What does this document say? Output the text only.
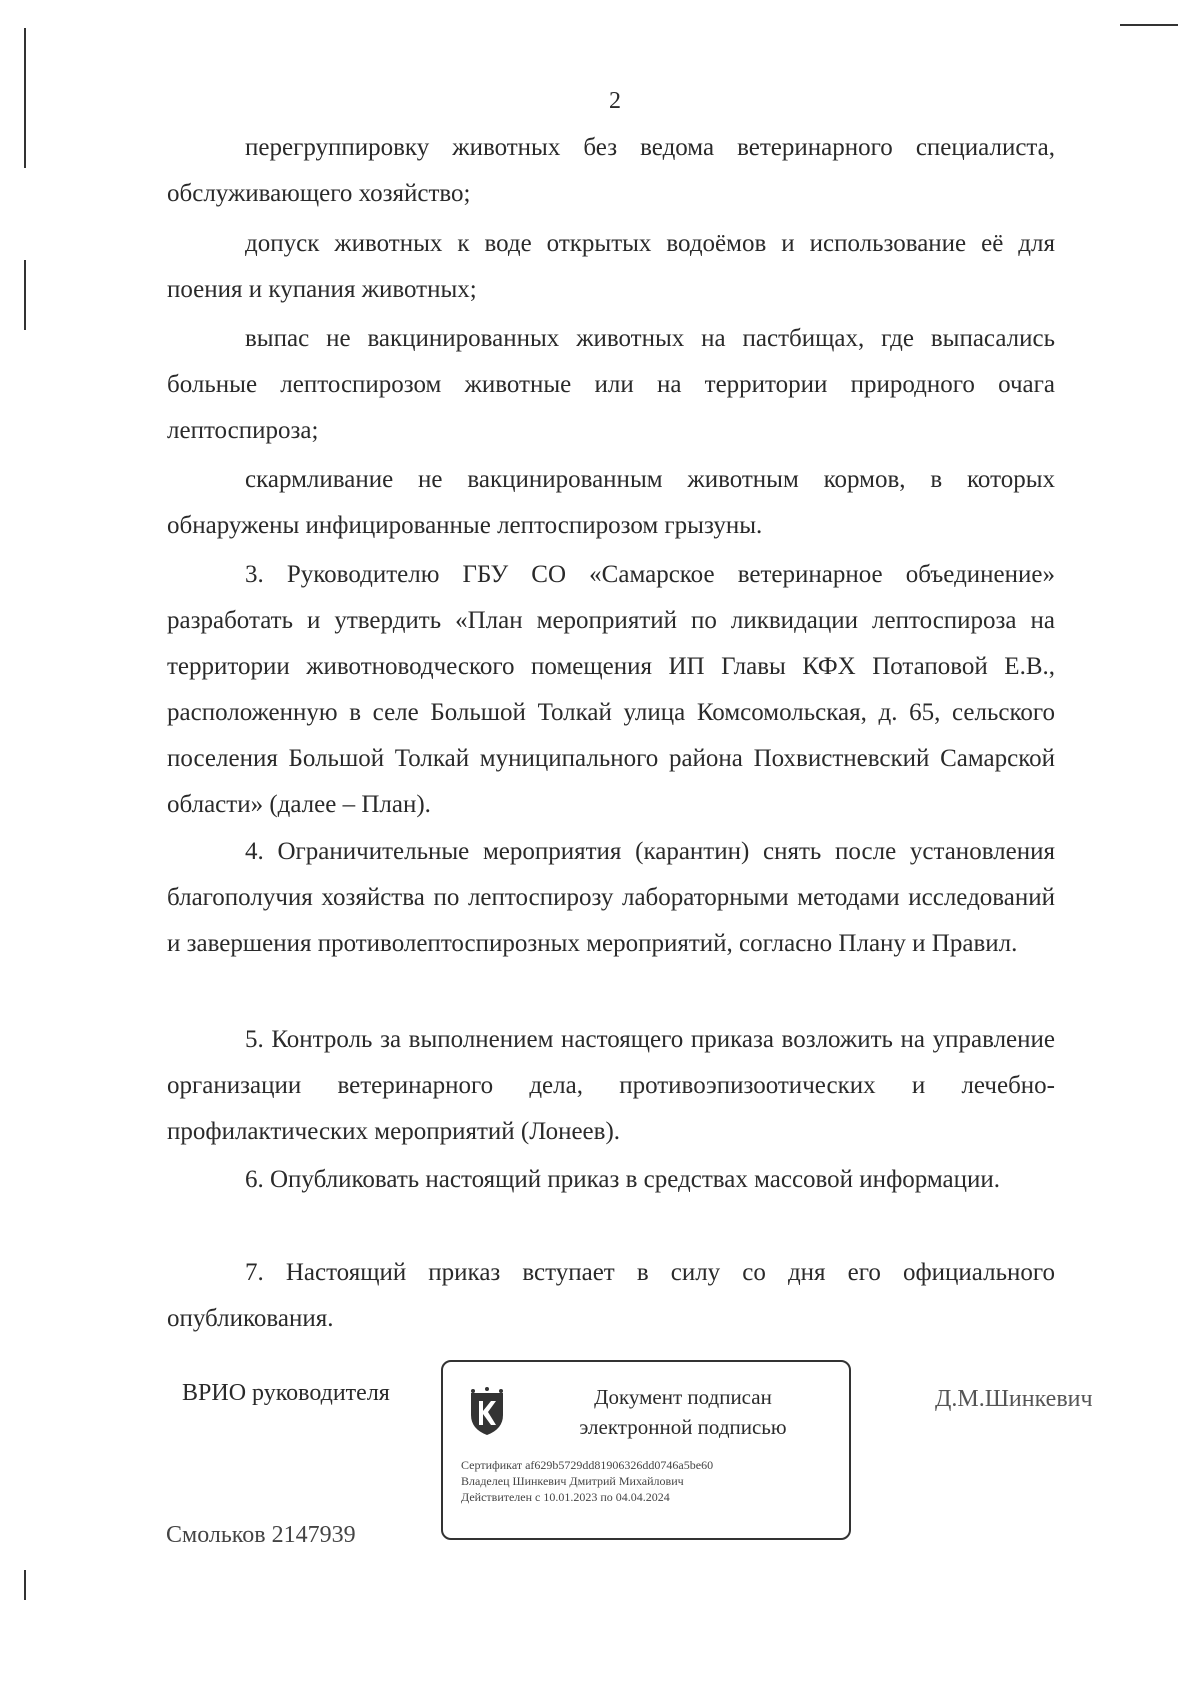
2

перегруппировку животных без ведома ветеринарного специалиста, обслуживающего хозяйство;

допуск животных к воде открытых водоёмов и использование её для поения и купания животных;

выпас не вакцинированных животных на пастбищах, где выпасались больные лептоспирозом животные или на территории природного очага лептоспироза;

скармливание не вакцинированным животным кормов, в которых обнаружены инфицированные лептоспирозом грызуны.

3. Руководителю ГБУ СО «Самарское ветеринарное объединение» разработать и утвердить «План мероприятий по ликвидации лептоспироза на территории животноводческого помещения ИП Главы КФХ Потаповой Е.В., расположенную в селе Большой Толкай улица Комсомольская, д. 65, сельского поселения Большой Толкай муниципального района Похвистневский Самарской области» (далее – План).

4. Ограничительные мероприятия (карантин) снять после установления благополучия хозяйства по лептоспирозу лабораторными методами исследований и завершения противолептоспирозных мероприятий, согласно Плану и Правил.

5. Контроль за выполнением настоящего приказа возложить на управление организации ветеринарного дела, противоэпизоотических и лечебно-профилактических мероприятий (Лонеев).

6. Опубликовать настоящий приказ в средствах массовой информации.

7. Настоящий приказ вступает в силу со дня его официального опубликования.

ВРИО руководителя	Документ подписан
электронной подписью
Сертификат af629b5729dd81906326dd0746a5be60
Владелец Шинкевич Дмитрий Михайлович
Действителен с 10.01.2023 по 04.04.2024
Д.М.Шинкевич
Смольков 2147939
